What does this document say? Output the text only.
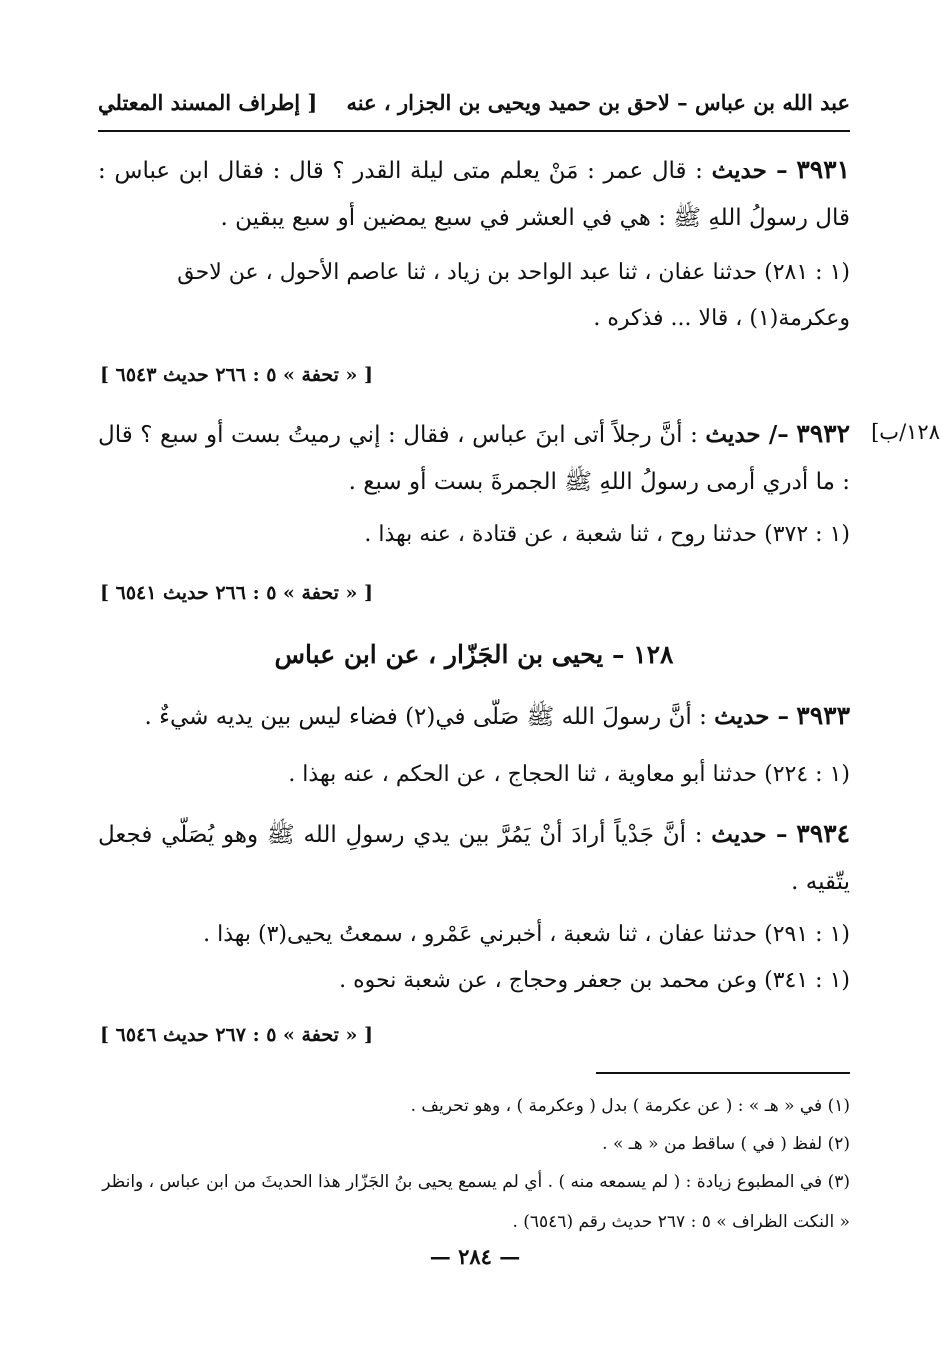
عبد الله بن عباس – لاحق بن حميد ويحيى بن الجزار ، عنه
[ إطراف المسند المعتلي
٣٩٣١ – حديث : قال عمر : مَنْ يعلم متى ليلة القدر ؟ قال : فقال ابن عباس : قال رسولُ اللهِ ﷺ : هي في العشر في سبع يمضين أو سبع يبقين .
(١ : ٢٨١) حدثنا عفان ، ثنا عبد الواحد بن زياد ، ثنا عاصم الأحول ، عن لاحق وعكرمة(١) ، قالا ... فذكره .
[ « تحفة » ٥ : ٢٦٦ حديث ٦٥٤٣ ]
١٢٨/ب]
٣٩٣٢ –/ حديث : أنَّ رجلاً أتى ابنَ عباس ، فقال : إني رميتُ بست أو سبع ؟ قال : ما أدري أرمى رسولُ اللهِ ﷺ الجمرةَ بست أو سبع .
(١ : ٣٧٢) حدثنا روح ، ثنا شعبة ، عن قتادة ، عنه بهذا .
[ « تحفة » ٥ : ٢٦٦ حديث ٦٥٤١ ]
١٢٨ – يحيى بن الجَزّار ، عن ابن عباس
٣٩٣٣ – حديث : أنَّ رسولَ الله ﷺ صَلّى في(٢) فضاء ليس بين يديه شيءٌ .
(١ : ٢٢٤) حدثنا أبو معاوية ، ثنا الحجاج ، عن الحكم ، عنه بهذا .
٣٩٣٤ – حديث : أنَّ جَدْياً أرادَ أنْ يَمُرَّ بين يدي رسولِ الله ﷺ وهو يُصَلّي فجعل يتّقيه .
(١ : ٢٩١) حدثنا عفان ، ثنا شعبة ، أخبرني عَمْرو ، سمعتُ يحيى(٣) بهذا .
(١ : ٣٤١) وعن محمد بن جعفر وحجاج ، عن شعبة نحوه .
[ « تحفة » ٥ : ٢٦٧ حديث ٦٥٤٦ ]
(١) في « هـ » : ( عن عكرمة ) بدل ( وعكرمة ) ، وهو تحريف .
(٢) لفظ ( في ) ساقط من « هـ » .
(٣) في المطبوع زيادة : ( لم يسمعه منه ) . أي لم يسمع يحيى بنُ الجَزّار هذا الحديثَ من ابن عباس ، وانظر « النكت الظراف » ٥ : ٢٦٧ حديث رقم (٦٥٤٦) .
— ٢٨٤ —
